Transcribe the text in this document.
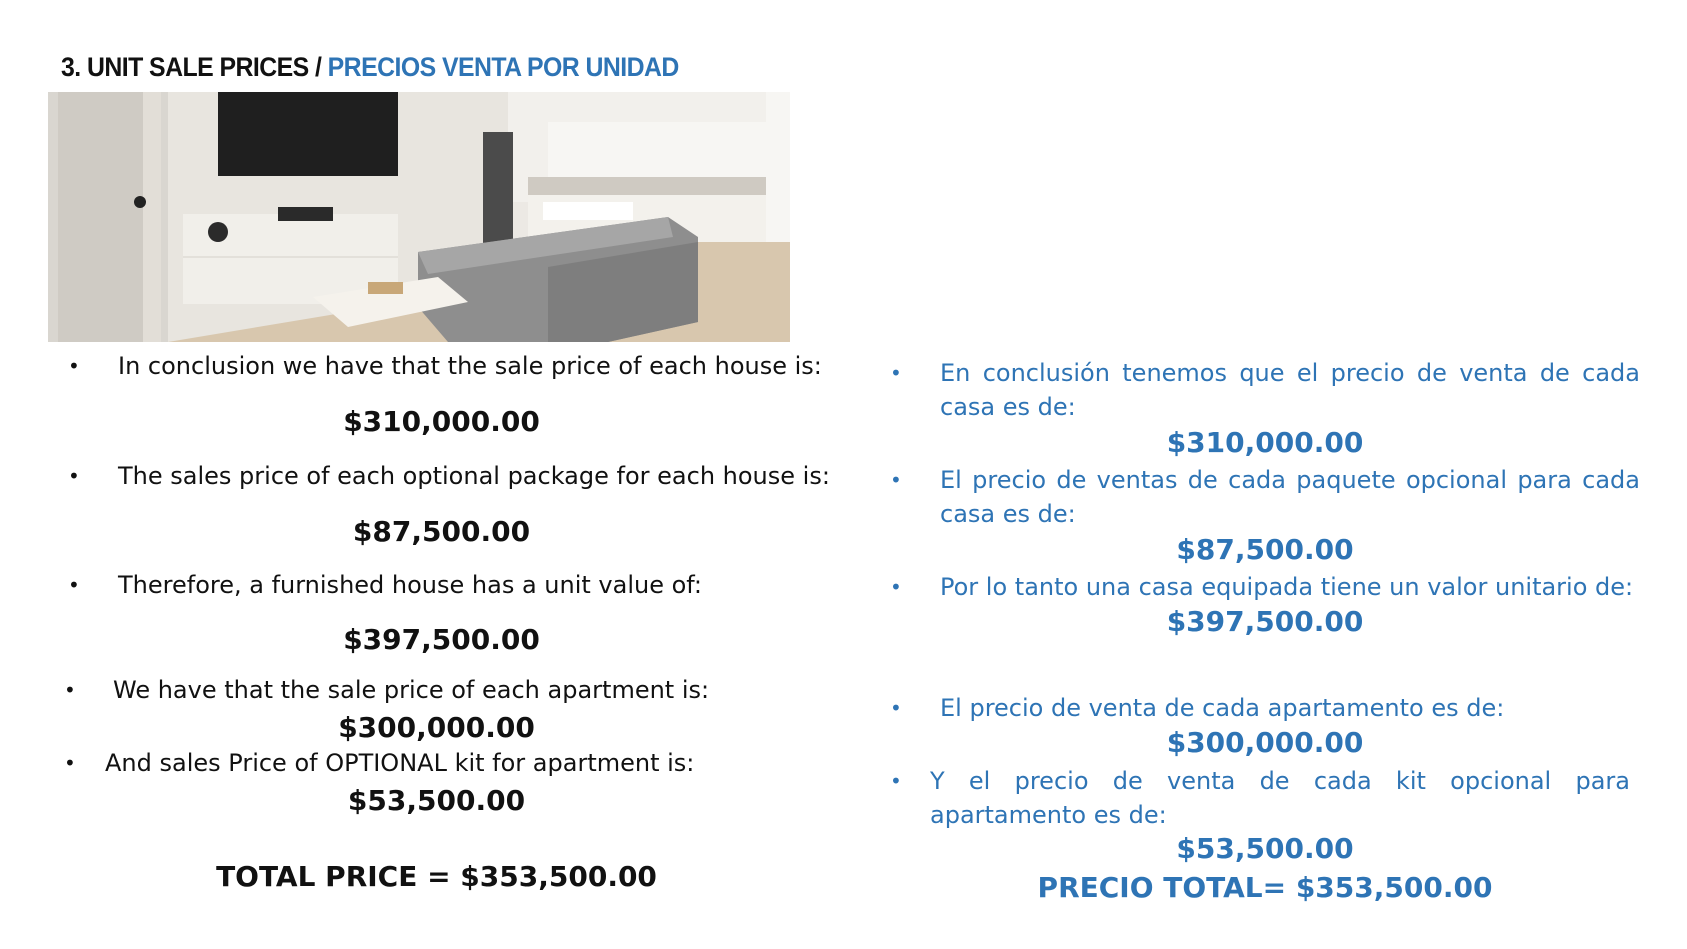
3. UNIT SALE PRICES / PRECIOS VENTA POR UNIDAD
• In conclusion we have that the sale price of each house is:
$310,000.00
• The sales price of each optional package for each house is:
$87,500.00
• Therefore, a furnished house has a unit value of:
$397,500.00
• We have that the sale price of each apartment is:
$300,000.00
• And sales Price of OPTIONAL kit for apartment is:
$53,500.00
TOTAL PRICE = $353,500.00
• En conclusión tenemos que el precio de venta de cada casa es de:
$310,000.00
• El precio de ventas de cada paquete opcional para cada casa es de:
$87,500.00
• Por lo tanto una casa equipada tiene un valor unitario de:
$397,500.00
• El precio de venta de cada apartamento es de:
$300,000.00
• Y el precio de venta de cada kit opcional para apartamento es de:
$53,500.00
PRECIO TOTAL= $353,500.00
